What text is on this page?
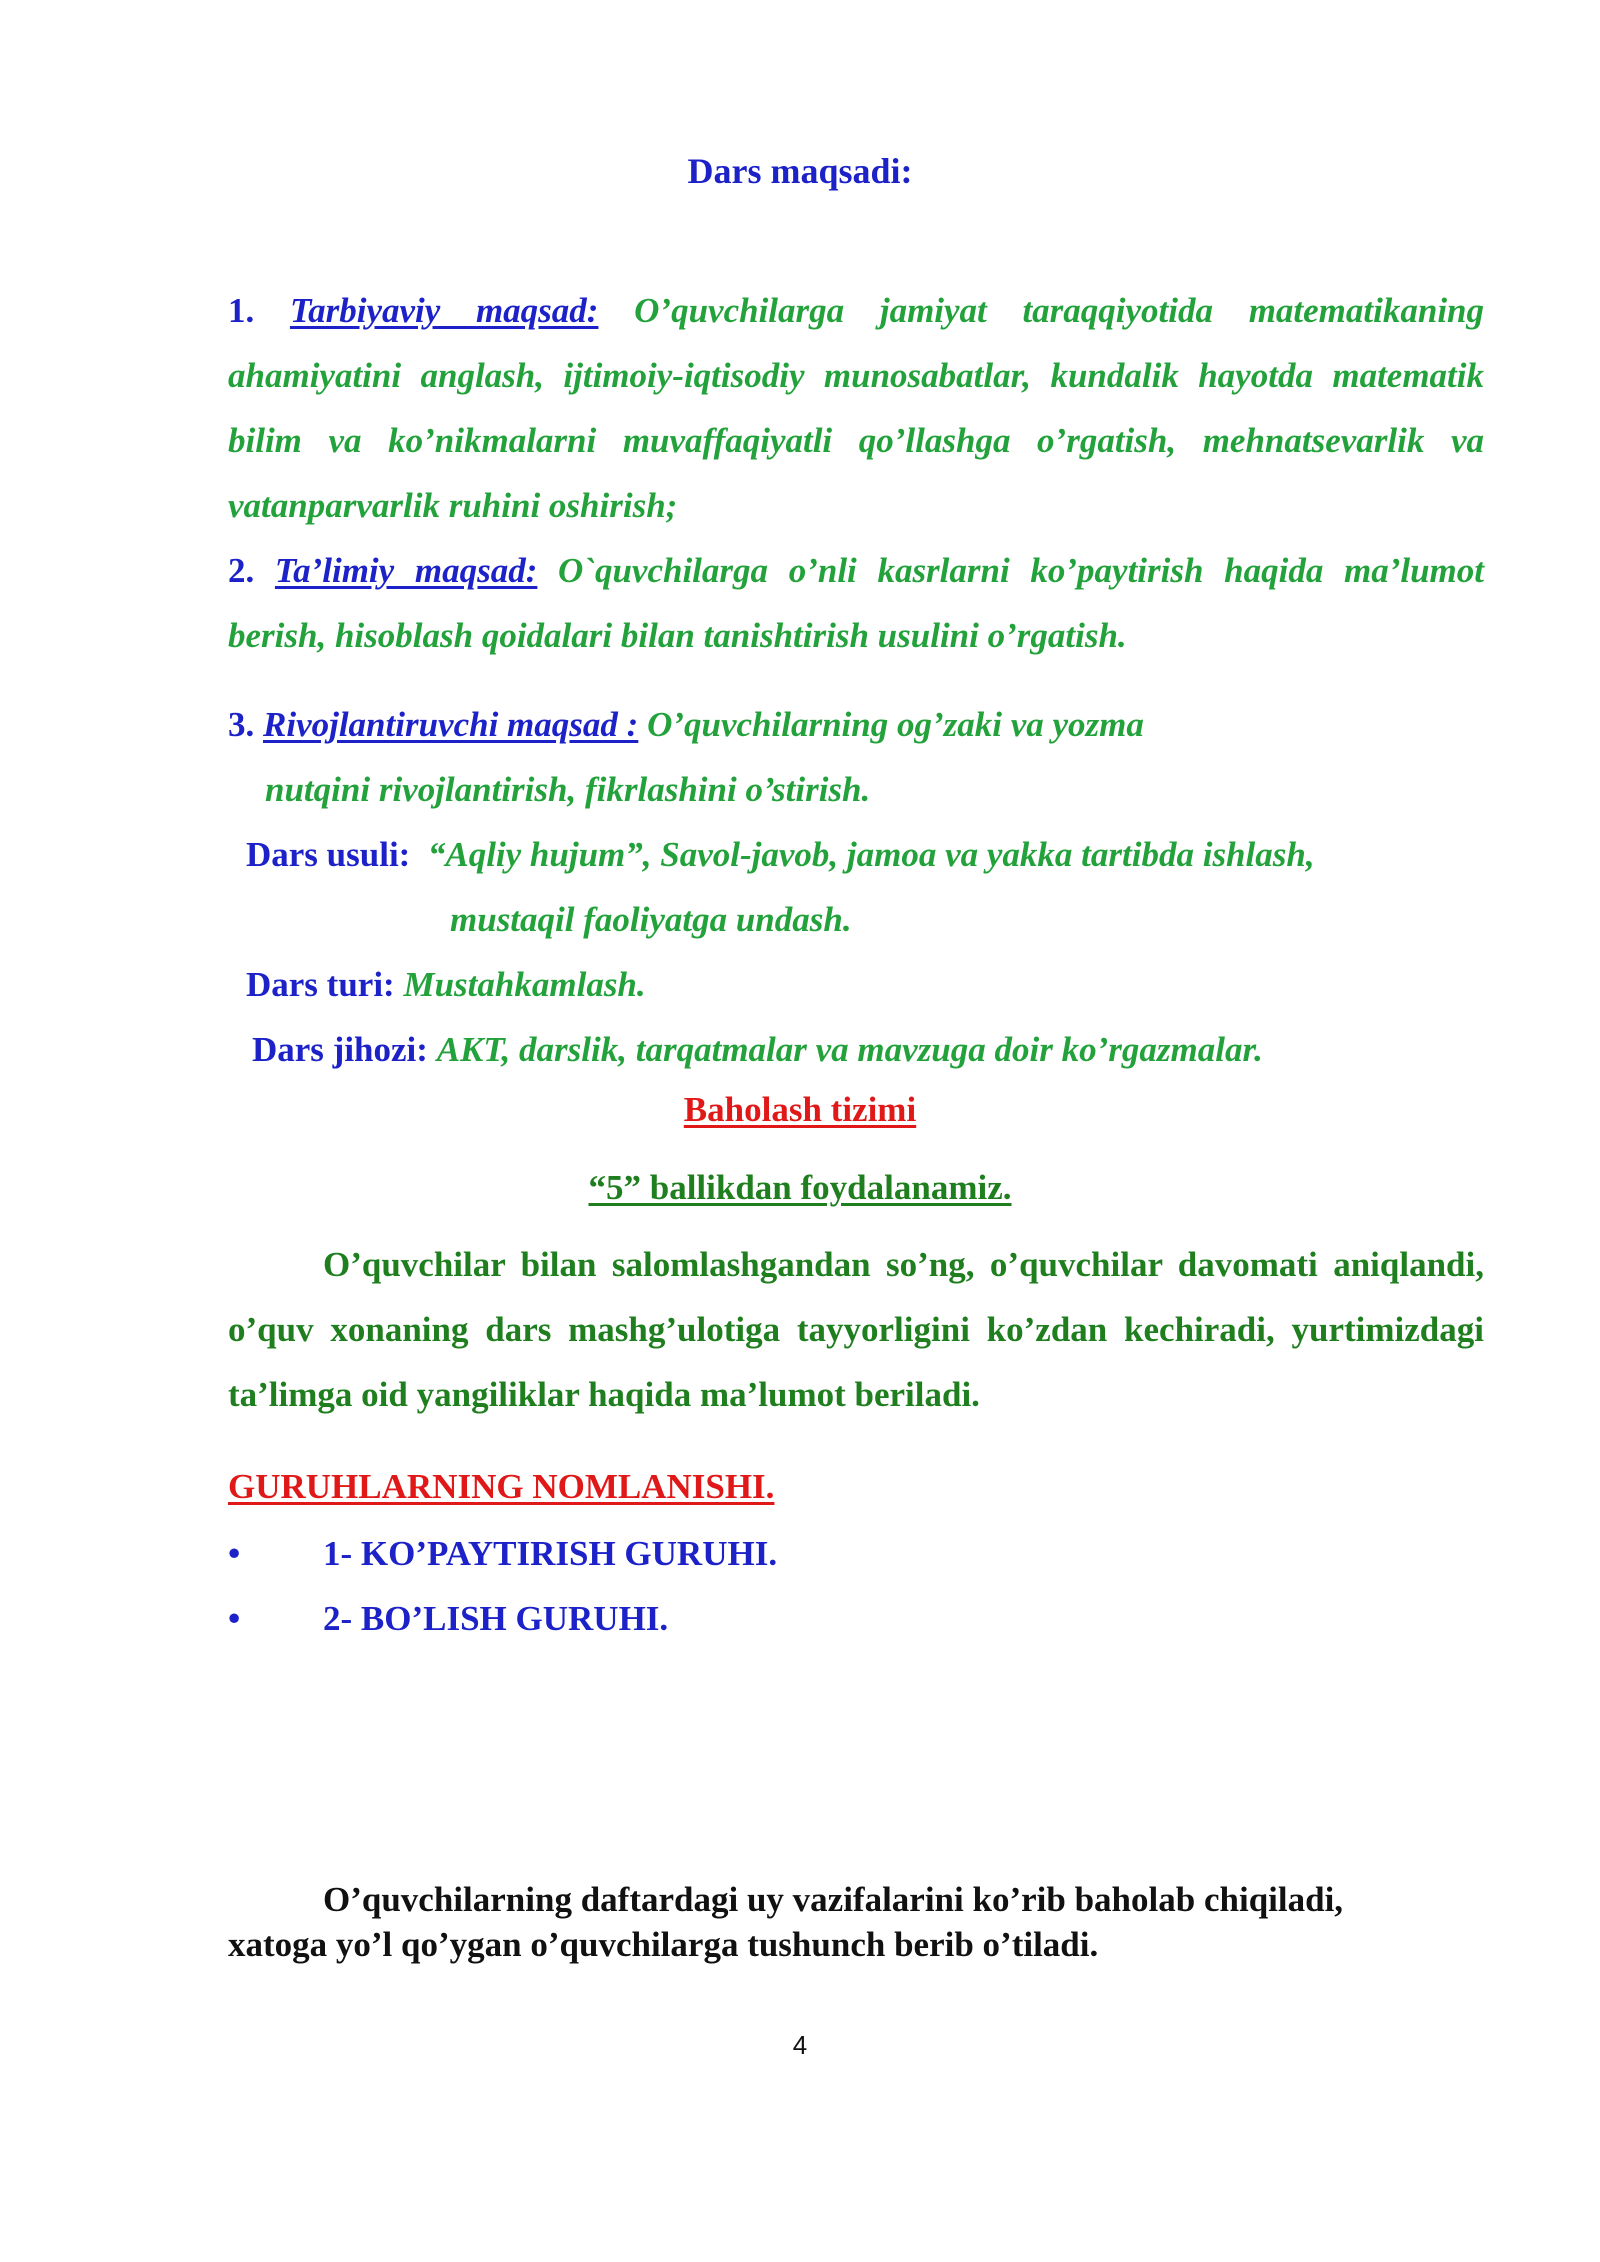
Dars maqsadi:

1. Tarbiyaviy maqsad: O’quvchilarga jamiyat taraqqiyotida matematikaning ahamiyatini anglash, ijtimoiy-iqtisodiy munosabatlar, kundalik hayotda matematik bilim va ko’nikmalarni muvaffaqiyatli qo’llashga o’rgatish, mehnatsevarlik va vatanparvarlik ruhini oshirish;

2. Ta’limiy maqsad: O`quvchilarga o’nli kasrlarni ko’paytirish haqida ma’lumot berish, hisoblash qoidalari bilan tanishtirish usulini o’rgatish.

3. Rivojlantiruvchi maqsad : O’quvchilarning og’zaki va yozma
nutqini rivojlantirish, fikrlashini o’stirish.
Dars usuli: “Aqliy hujum”, Savol-javob, jamoa va yakka tartibda ishlash,
mustaqil faoliyatga undash.
Dars turi: Mustahkamlash.
Dars jihozi: AKT, darslik, tarqatmalar va mavzuga doir ko’rgazmalar.
Baholash tizimi
“5” ballikdan foydalanamiz.

O’quvchilar bilan salomlashgandan so’ng, o’quvchilar davomati aniqlandi, o’quv xonaning dars mashg’ulotiga tayyorligini ko’zdan kechiradi, yurtimizdagi ta’limga oid yangiliklar haqida ma’lumot beriladi.

GURUHLARNING NOMLANISHI.
• 1- KO’PAYTIRISH GURUHI.
• 2- BO’LISH GURUHI.
O’quvchilarning daftardagi uy vazifalarini ko’rib baholab chiqiladi,
xatoga yo’l qo’ygan o’quvchilarga tushunch berib o’tiladi.
4
